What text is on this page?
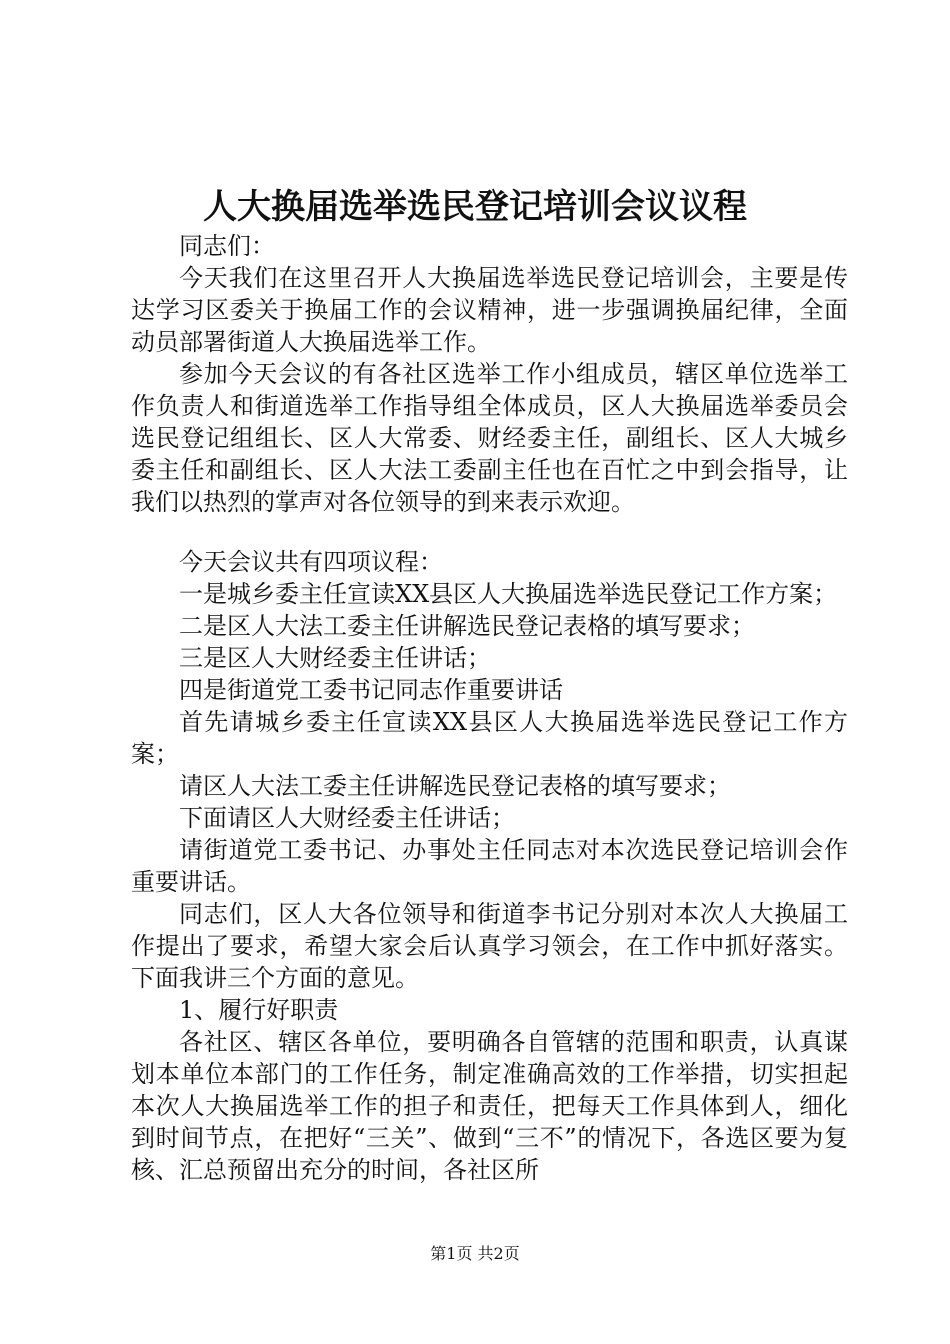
人大换届选举选民登记培训会议议程

同志们：

今天我们在这里召开人大换届选举选民登记培训会，主要是传达学习区委关于换届工作的会议精神，进一步强调换届纪律，全面动员部署街道人大换届选举工作。

参加今天会议的有各社区选举工作小组成员，辖区单位选举工作负责人和街道选举工作指导组全体成员，区人大换届选举委员会选民登记组组长、区人大常委、财经委主任，副组长、区人大城乡委主任和副组长、区人大法工委副主任也在百忙之中到会指导，让我们以热烈的掌声对各位领导的到来表示欢迎。

今天会议共有四项议程：

一是城乡委主任宣读XX县区人大换届选举选民登记工作方案；

二是区人大法工委主任讲解选民登记表格的填写要求；

三是区人大财经委主任讲话；

四是街道党工委书记同志作重要讲话

首先请城乡委主任宣读XX县区人大换届选举选民登记工作方案；

请区人大法工委主任讲解选民登记表格的填写要求；

下面请区人大财经委主任讲话；

请街道党工委书记、办事处主任同志对本次选民登记培训会作重要讲话。

同志们，区人大各位领导和街道李书记分别对本次人大换届工作提出了要求，希望大家会后认真学习领会，在工作中抓好落实。下面我讲三个方面的意见。

1、履行好职责

各社区、辖区各单位，要明确各自管辖的范围和职责，认真谋划本单位本部门的工作任务，制定准确高效的工作举措，切实担起本次人大换届选举工作的担子和责任，把每天工作具体到人，细化到时间节点，在把好“三关”、做到“三不”的情况下，各选区要为复核、汇总预留出充分的时间，各社区所

第1页 共2页
